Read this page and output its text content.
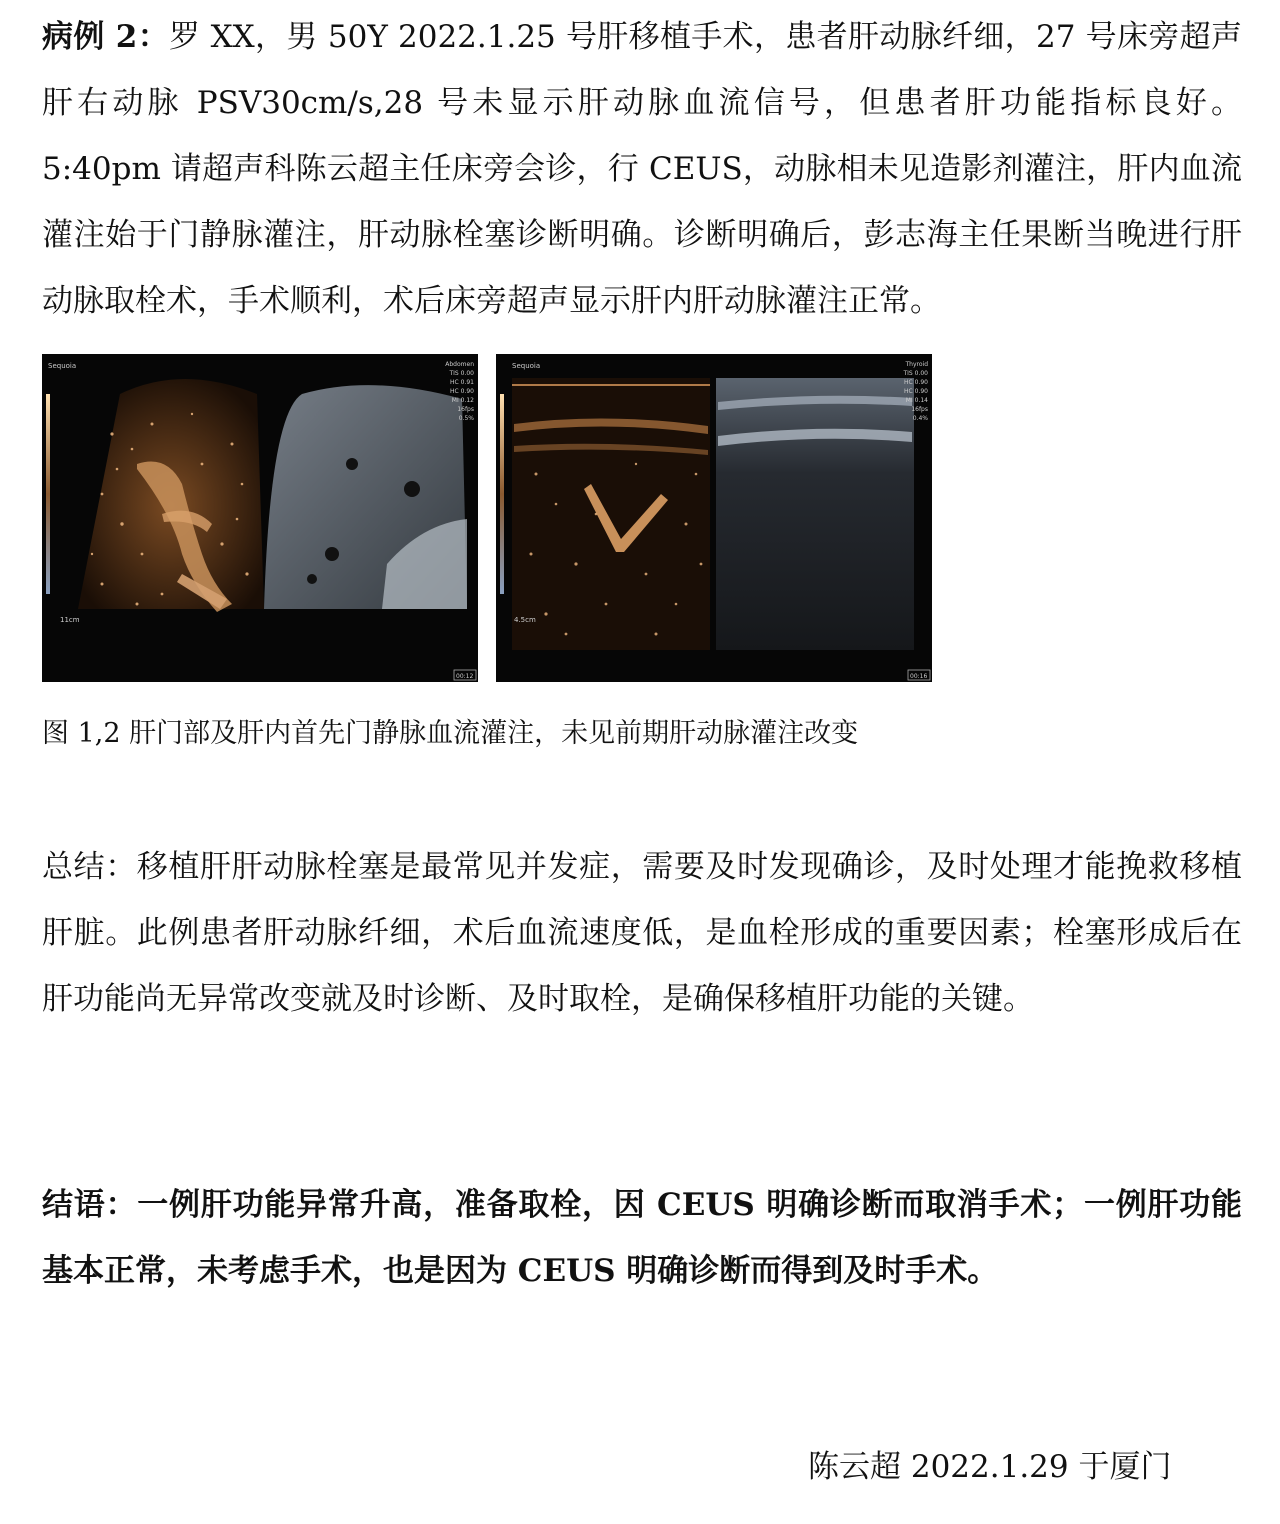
病例 2：罗 XX，男 50Y 2022.1.25 号肝移植手术，患者肝动脉纤细，27 号床旁超声肝右动脉 PSV30cm/s,28 号未显示肝动脉血流信号，但患者肝功能指标良好。5:40pm 请超声科陈云超主任床旁会诊，行 CEUS，动脉相未见造影剂灌注，肝内血流灌注始于门静脉灌注，肝动脉栓塞诊断明确。诊断明确后，彭志海主任果断当晚进行肝动脉取栓术，手术顺利，术后床旁超声显示肝内肝动脉灌注正常。

Sequoia	Abdomen
TIS 0.00
HC 0.91
HC 0.90
MI 0.12
16fps
0.5%
11cm
00:12
Sequoia	Thyroid
TIS 0.00
HC 0.90
HC 0.90
MI 0.14
16fps
0.4%
4.5cm
00:16

图 1,2 肝门部及肝内首先门静脉血流灌注，未见前期肝动脉灌注改变

总结：移植肝肝动脉栓塞是最常见并发症，需要及时发现确诊，及时处理才能挽救移植肝脏。此例患者肝动脉纤细，术后血流速度低，是血栓形成的重要因素；栓塞形成后在肝功能尚无异常改变就及时诊断、及时取栓，是确保移植肝功能的关键。

结语：一例肝功能异常升高，准备取栓，因 CEUS 明确诊断而取消手术；一例肝功能基本正常，未考虑手术，也是因为 CEUS 明确诊断而得到及时手术。

陈云超 2022.1.29 于厦门
